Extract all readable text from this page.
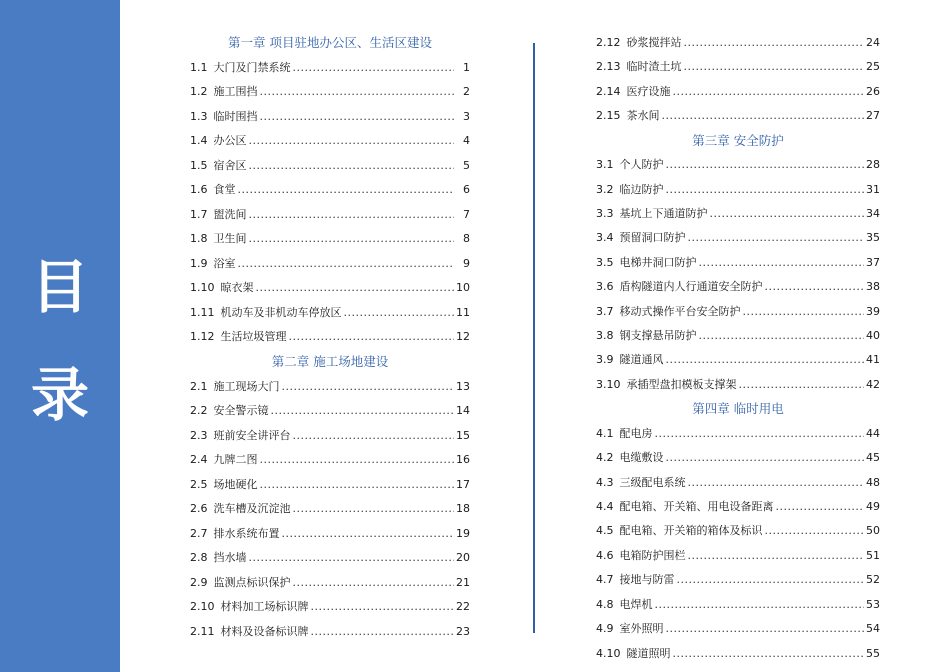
目
录
第一章 项目驻地办公区、生活区建设
1.1 大门及门禁系统 .....	1
1.2 施工围挡 .....	2
1.3 临时围挡 .....	3
1.4 办公区 .....	4
1.5 宿舍区 .....	5
1.6 食堂 .....	6
1.7 盥洗间 .....	7
1.8 卫生间 .....	8
1.9 浴室 .....	9
1.10 晾衣架 .....	10
1.11 机动车及非机动车停放区 .....	11
1.12 生活垃圾管理 .....	12
第二章 施工场地建设
2.1 施工现场大门 .....	13
2.2 安全警示镜 .....	14
2.3 班前安全讲评台 .....	15
2.4 九牌二图 .....	16
2.5 场地硬化 .....	17
2.6 洗车槽及沉淀池 .....	18
2.7 排水系统布置 .....	19
2.8 挡水墙 .....	20
2.9 监测点标识保护 .....	21
2.10 材料加工场标识牌 .....	22
2.11 材料及设备标识牌 .....	23
2.12 砂浆搅拌站 .....	24
2.13 临时渣土坑 .....	25
2.14 医疗设施 .....	26
2.15 茶水间 .....	27
第三章 安全防护
3.1 个人防护 .....	28
3.2 临边防护 .....	31
3.3 基坑上下通道防护 .....	34
3.4 预留洞口防护 .....	35
3.5 电梯井洞口防护 .....	37
3.6 盾构隧道内人行通道安全防护 .....	38
3.7 移动式操作平台安全防护 .....	39
3.8 钢支撑悬吊防护 .....	40
3.9 隧道通风 .....	41
3.10 承插型盘扣模板支撑架 .....	42
第四章 临时用电
4.1 配电房 .....	44
4.2 电缆敷设 .....	45
4.3 三级配电系统 .....	48
4.4 配电箱、开关箱、用电设备距离 .....	49
4.5 配电箱、开关箱的箱体及标识 .....	50
4.6 电箱防护围栏 .....	51
4.7 接地与防雷 .....	52
4.8 电焊机 .....	53
4.9 室外照明 .....	54
4.10 隧道照明 .....	55
